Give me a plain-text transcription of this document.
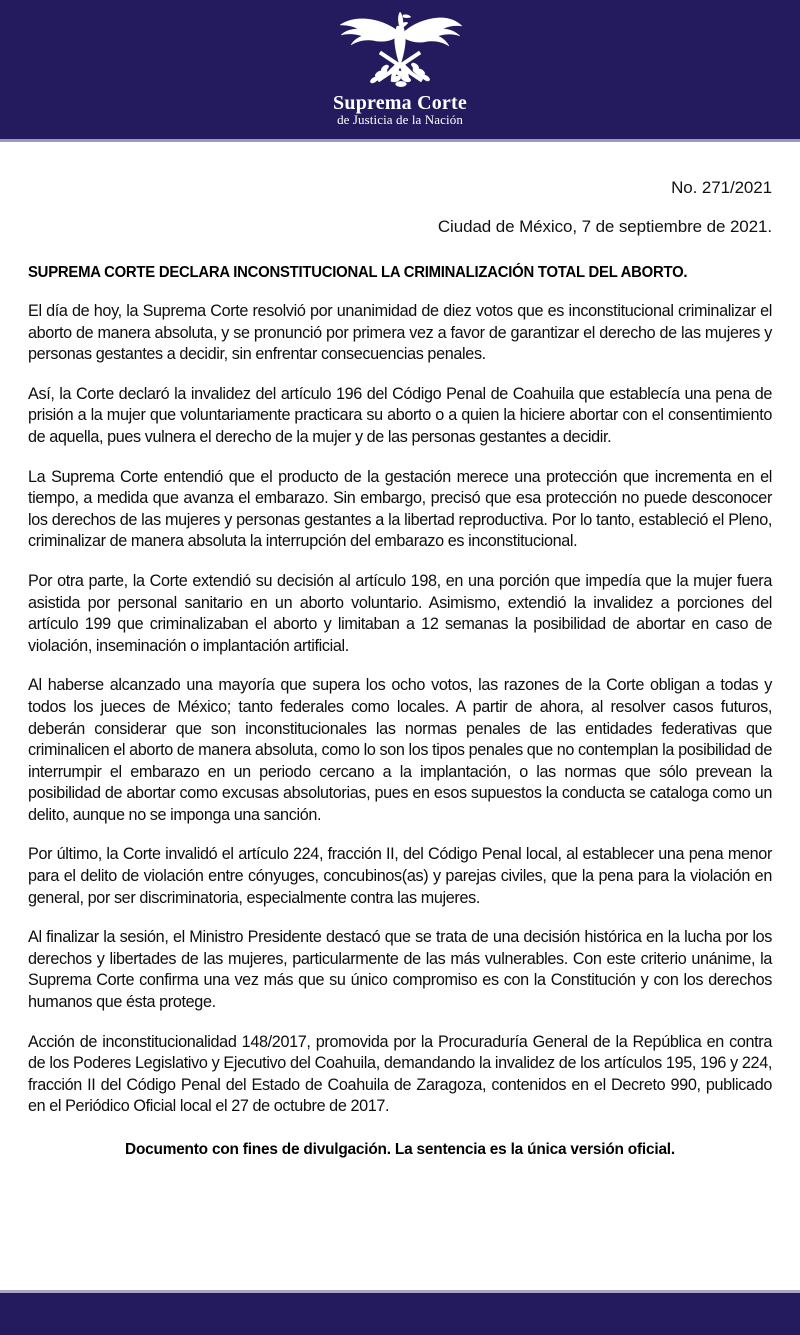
Suprema Corte
de Justicia de la Nación
No. 271/2021
Ciudad de México, 7 de septiembre de 2021.
SUPREMA CORTE DECLARA INCONSTITUCIONAL LA CRIMINALIZACIÓN TOTAL DEL ABORTO.

El día de hoy, la Suprema Corte resolvió por unanimidad de diez votos que es inconstitucional criminalizar el aborto de manera absoluta, y se pronunció por primera vez a favor de garantizar el derecho de las mujeres y personas gestantes a decidir, sin enfrentar consecuencias penales.

Así, la Corte declaró la invalidez del artículo 196 del Código Penal de Coahuila que establecía una pena de prisión a la mujer que voluntariamente practicara su aborto o a quien la hiciere abortar con el consentimiento de aquella, pues vulnera el derecho de la mujer y de las personas gestantes a decidir.

La Suprema Corte entendió que el producto de la gestación merece una protección que incrementa en el tiempo, a medida que avanza el embarazo. Sin embargo, precisó que esa protección no puede desconocer los derechos de las mujeres y personas gestantes a la libertad reproductiva. Por lo tanto, estableció el Pleno, criminalizar de manera absoluta la interrupción del embarazo es inconstitucional.

Por otra parte, la Corte extendió su decisión al artículo 198, en una porción que impedía que la mujer fuera asistida por personal sanitario en un aborto voluntario. Asimismo, extendió la invalidez a porciones del artículo 199 que criminalizaban el aborto y limitaban a 12 semanas la posibilidad de abortar en caso de violación, inseminación o implantación artificial.

Al haberse alcanzado una mayoría que supera los ocho votos, las razones de la Corte obligan a todas y todos los jueces de México; tanto federales como locales. A partir de ahora, al resolver casos futuros, deberán considerar que son inconstitucionales las normas penales de las entidades federativas que criminalicen el aborto de manera absoluta, como lo son los tipos penales que no contemplan la posibilidad de interrumpir el embarazo en un periodo cercano a la implantación, o las normas que sólo prevean la posibilidad de abortar como excusas absolutorias, pues en esos supuestos la conducta se cataloga como un delito, aunque no se imponga una sanción.

Por último, la Corte invalidó el artículo 224, fracción II, del Código Penal local, al establecer una pena menor para el delito de violación entre cónyuges, concubinos(as) y parejas civiles, que la pena para la violación en general, por ser discriminatoria, especialmente contra las mujeres.

Al finalizar la sesión, el Ministro Presidente destacó que se trata de una decisión histórica en la lucha por los derechos y libertades de las mujeres, particularmente de las más vulnerables. Con este criterio unánime, la Suprema Corte confirma una vez más que su único compromiso es con la Constitución y con los derechos humanos que ésta protege.

Acción de inconstitucionalidad 148/2017, promovida por la Procuraduría General de la República en contra de los Poderes Legislativo y Ejecutivo del Coahuila, demandando la invalidez de los artículos 195, 196 y 224, fracción II del Código Penal del Estado de Coahuila de Zaragoza, contenidos en el Decreto 990, publicado en el Periódico Oficial local el 27 de octubre de 2017.

Documento con fines de divulgación. La sentencia es la única versión oficial.
